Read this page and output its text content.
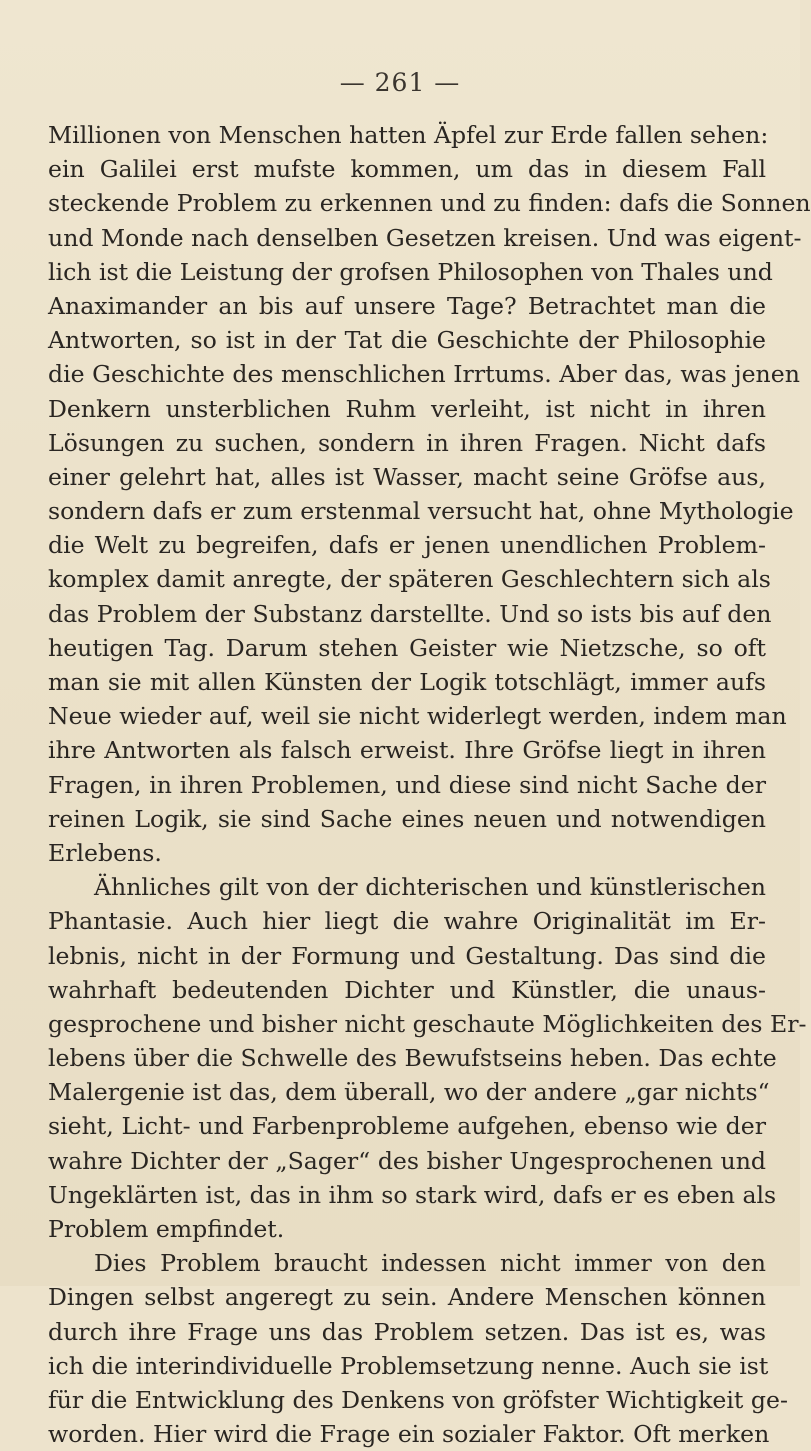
— 261 —
Millionen von Menschen hatten Äpfel zur Erde fallen sehen:
ein Galilei erst mufste kommen, um das in diesem Fall
steckende Problem zu erkennen und zu finden: dafs die Sonnen
und Monde nach denselben Gesetzen kreisen. Und was eigent-
lich ist die Leistung der grofsen Philosophen von Thales und
Anaximander an bis auf unsere Tage? Betrachtet man die
Antworten, so ist in der Tat die Geschichte der Philosophie
die Geschichte des menschlichen Irrtums. Aber das, was jenen
Denkern unsterblichen Ruhm verleiht, ist nicht in ihren
Lösungen zu suchen, sondern in ihren Fragen. Nicht dafs
einer gelehrt hat, alles ist Wasser, macht seine Gröfse aus,
sondern dafs er zum erstenmal versucht hat, ohne Mythologie
die Welt zu begreifen, dafs er jenen unendlichen Problem-
komplex damit anregte, der späteren Geschlechtern sich als
das Problem der Substanz darstellte. Und so ists bis auf den
heutigen Tag. Darum stehen Geister wie Nietzsche, so oft
man sie mit allen Künsten der Logik totschlägt, immer aufs
Neue wieder auf, weil sie nicht widerlegt werden, indem man
ihre Antworten als falsch erweist. Ihre Gröfse liegt in ihren
Fragen, in ihren Problemen, und diese sind nicht Sache der
reinen Logik, sie sind Sache eines neuen und notwendigen
Erlebens.
Ähnliches gilt von der dichterischen und künstlerischen
Phantasie. Auch hier liegt die wahre Originalität im Er-
lebnis, nicht in der Formung und Gestaltung. Das sind die
wahrhaft bedeutenden Dichter und Künstler, die unaus-
gesprochene und bisher nicht geschaute Möglichkeiten des Er-
lebens über die Schwelle des Bewufstseins heben. Das echte
Malergenie ist das, dem überall, wo der andere „gar nichts“
sieht, Licht- und Farbenprobleme aufgehen, ebenso wie der
wahre Dichter der „Sager“ des bisher Ungesprochenen und
Ungeklärten ist, das in ihm so stark wird, dafs er es eben als
Problem empfindet.
Dies Problem braucht indessen nicht immer von den
Dingen selbst angeregt zu sein. Andere Menschen können
durch ihre Frage uns das Problem setzen. Das ist es, was
ich die interindividuelle Problemsetzung nenne. Auch sie ist
für die Entwicklung des Denkens von gröfster Wichtigkeit ge-
worden. Hier wird die Frage ein sozialer Faktor. Oft merken
